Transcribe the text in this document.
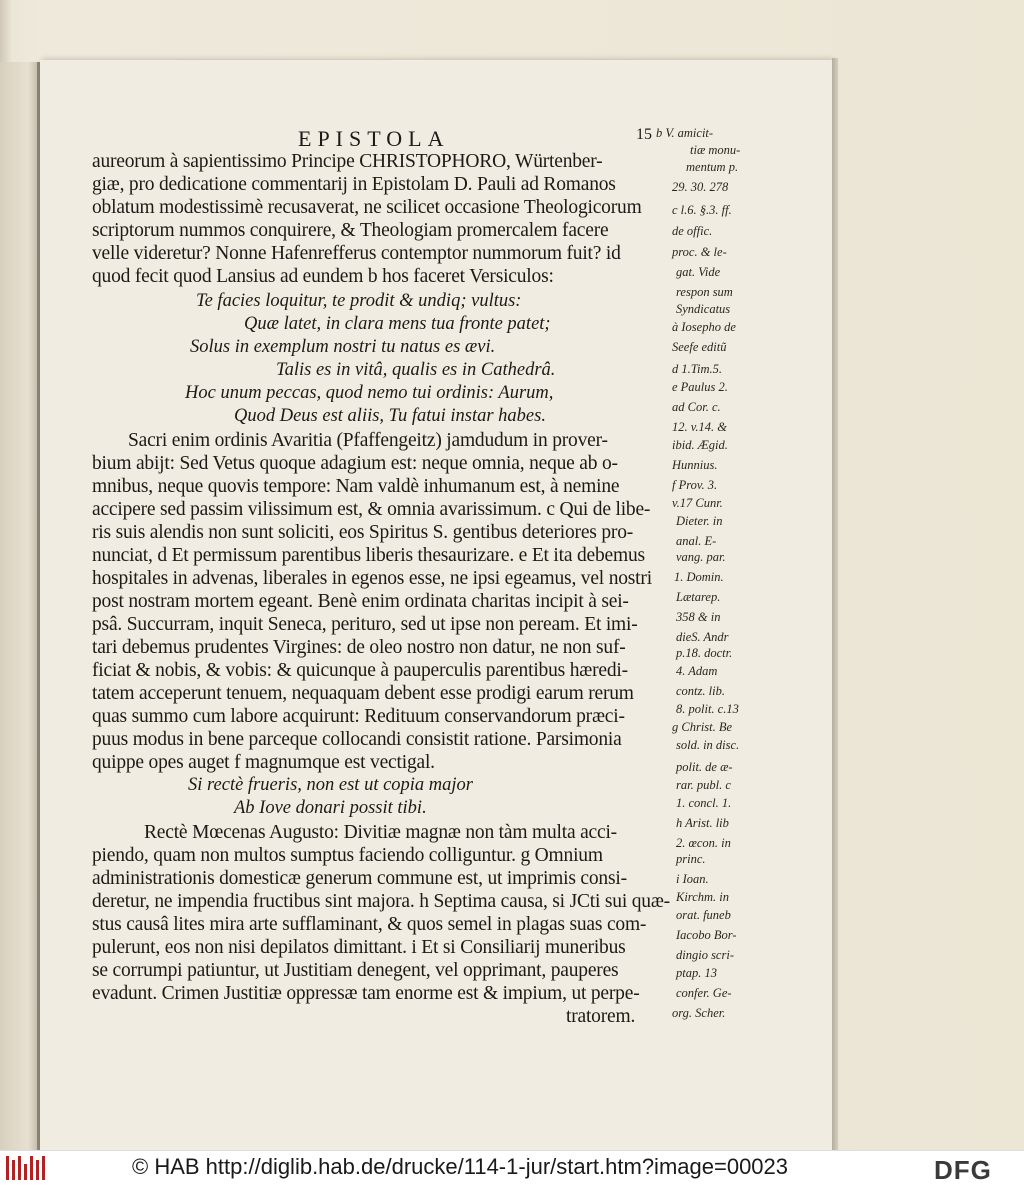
EPISTOLA	15
aureorum à sapientissimo Principe CHRISTOPHORO, Würtenber-
giæ, pro dedicatione commentarij in Epistolam D. Pauli ad Romanos
oblatum modestissimè recusaverat, ne scilicet occasione Theologicorum
scriptorum nummos conquirere, & Theologiam promercalem facere
velle videretur? Nonne Hafenrefferus contemptor nummorum fuit? id
quod fecit quod Lansius ad eundem b hos faceret Versiculos:
Te facies loquitur, te prodit & undiq; vultus:
Quæ latet, in clara mens tua fronte patet;
Solus in exemplum nostri tu natus es ævi.
Talis es in vitâ, qualis es in Cathedrâ.
Hoc unum peccas, quod nemo tui ordinis: Aurum,
Quod Deus est aliis, Tu fatui instar habes.
Sacri enim ordinis Avaritia (Pfaffengeitz) jamdudum in prover-
bium abijt: Sed Vetus quoque adagium est: neque omnia, neque ab o-
mnibus, neque quovis tempore: Nam valdè inhumanum est, à nemine
accipere sed passim vilissimum est, & omnia avarissimum. c Qui de libe-
ris suis alendis non sunt soliciti, eos Spiritus S. gentibus deteriores pro-
nunciat, d Et permissum parentibus liberis thesaurizare. e Et ita debemus
hospitales in advenas, liberales in egenos esse, ne ipsi egeamus, vel nostri
post nostram mortem egeant. Benè enim ordinata charitas incipit à sei-
psâ. Succurram, inquit Seneca, perituro, sed ut ipse non peream. Et imi-
tari debemus prudentes Virgines: de oleo nostro non datur, ne non suf-
ficiat & nobis, & vobis: & quicunque à pauperculis parentibus hæredi-
tatem acceperunt tenuem, nequaquam debent esse prodigi earum rerum
quas summo cum labore acquirunt: Redituum conservandorum præci-
puus modus in bene parceque collocandi consistit ratione. Parsimonia
quippe opes auget f magnumque est vectigal.
Si rectè frueris, non est ut copia major
Ab Iove donari possit tibi.
Rectè Mœcenas Augusto: Divitiæ magnæ non tàm multa acci-
piendo, quam non multos sumptus faciendo colliguntur. g Omnium
administrationis domesticæ generum commune est, ut imprimis consi-
deretur, ne impendia fructibus sint majora. h Septima causa, si JCti sui quæ-
stus causâ lites mira arte sufflaminant, & quos semel in plagas suas com-
pulerunt, eos non nisi depilatos dimittant. i Et si Consiliarij muneribus
se corrumpi patiuntur, ut Justitiam denegent, vel opprimant, pauperes
evadunt. Crimen Justitiæ oppressæ tam enorme est & impium, ut perpe-
tratorem.
b V. amicit-
tiæ monu-
mentum p.
29. 30. 278
c l.6. §.3. ff.
de offic.
proc. & le-
gat. Vide
respon sum
Syndicatus
à Iosepho de
Seefe editũ
d 1.Tim.5.
e Paulus 2.
ad Cor. c.
12. v.14. &
ibid. Ægid.
Hunnius.
f Prov. 3.
v.17 Cunr.
Dieter. in
anal. E-
vang. par.
1. Domin.
Lætarep.
358 & in
dieS. Andr
p.18. doctr.
4. Adam
contz. lib.
8. polit. c.13
g Christ. Be
sold. in disc.
polit. de æ-
rar. publ. c
1. concl. 1.
h Arist. lib
2. œcon. in
princ.
i Ioan.
Kirchm. in
orat. funeb
Iacobo Bor-
dingio scri-
ptap. 13
confer. Ge-
org. Scher.
© HAB http://diglib.hab.de/drucke/114-1-jur/start.htm?image=00023	DFG
